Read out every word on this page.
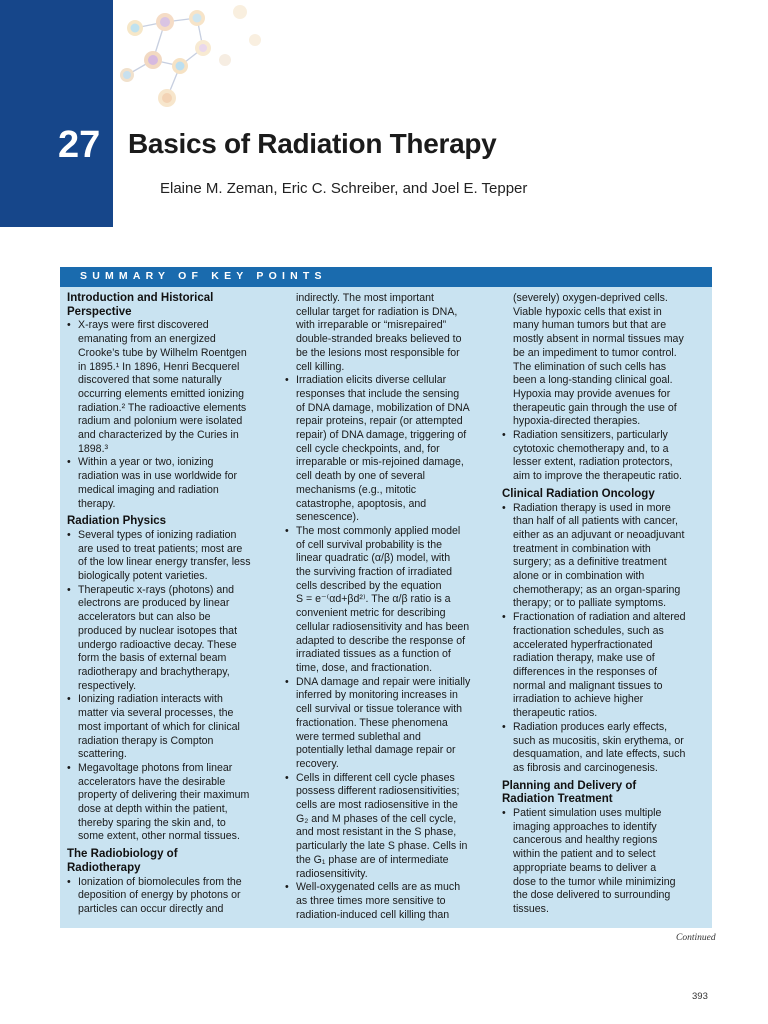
27 Basics of Radiation Therapy
Elaine M. Zeman, Eric C. Schreiber, and Joel E. Tepper
SUMMARY OF KEY POINTS
Introduction and Historical
Perspective
• X-rays were first discovered
emanating from an energized
Crooke’s tube by Wilhelm Roentgen
in 1895.¹ In 1896, Henri Becquerel
discovered that some naturally
occurring elements emitted ionizing
radiation.² The radioactive elements
radium and polonium were isolated
and characterized by the Curies in
1898.³
• Within a year or two, ionizing
radiation was in use worldwide for
medical imaging and radiation
therapy.
Radiation Physics
• Several types of ionizing radiation
are used to treat patients; most are
of the low linear energy transfer, less
biologically potent varieties.
• Therapeutic x-rays (photons) and
electrons are produced by linear
accelerators but can also be
produced by nuclear isotopes that
undergo radioactive decay. These
form the basis of external beam
radiotherapy and brachytherapy,
respectively.
• Ionizing radiation interacts with
matter via several processes, the
most important of which for clinical
radiation therapy is Compton
scattering.
• Megavoltage photons from linear
accelerators have the desirable
property of delivering their maximum
dose at depth within the patient,
thereby sparing the skin and, to
some extent, other normal tissues.
The Radiobiology of
Radiotherapy
• Ionization of biomolecules from the
deposition of energy by photons or
particles can occur directly and
indirectly. The most important
cellular target for radiation is DNA,
with irreparable or “misrepaired”
double-stranded breaks believed to
be the lesions most responsible for
cell killing.
• Irradiation elicits diverse cellular
responses that include the sensing
of DNA damage, mobilization of DNA
repair proteins, repair (or attempted
repair) of DNA damage, triggering of
cell cycle checkpoints, and, for
irreparable or mis-rejoined damage,
cell death by one of several
mechanisms (e.g., mitotic
catastrophe, apoptosis, and
senescence).
• The most commonly applied model
of cell survival probability is the
linear quadratic (α/β) model, with
the surviving fraction of irradiated
cells described by the equation
S = e⁻⁽αd+βd²⁾. The α/β ratio is a
convenient metric for describing
cellular radiosensitivity and has been
adapted to describe the response of
irradiated tissues as a function of
time, dose, and fractionation.
• DNA damage and repair were initially
inferred by monitoring increases in
cell survival or tissue tolerance with
fractionation. These phenomena
were termed sublethal and
potentially lethal damage repair or
recovery.
• Cells in different cell cycle phases
possess different radiosensitivities;
cells are most radiosensitive in the
G₂ and M phases of the cell cycle,
and most resistant in the S phase,
particularly the late S phase. Cells in
the G₁ phase are of intermediate
radiosensitivity.
• Well-oxygenated cells are as much
as three times more sensitive to
radiation-induced cell killing than
(severely) oxygen-deprived cells.
Viable hypoxic cells that exist in
many human tumors but that are
mostly absent in normal tissues may
be an impediment to tumor control.
The elimination of such cells has
been a long-standing clinical goal.
Hypoxia may provide avenues for
therapeutic gain through the use of
hypoxia-directed therapies.
• Radiation sensitizers, particularly
cytotoxic chemotherapy and, to a
lesser extent, radiation protectors,
aim to improve the therapeutic ratio.
Clinical Radiation Oncology
• Radiation therapy is used in more
than half of all patients with cancer,
either as an adjuvant or neoadjuvant
treatment in combination with
surgery; as a definitive treatment
alone or in combination with
chemotherapy; as an organ-sparing
therapy; or to palliate symptoms.
• Fractionation of radiation and altered
fractionation schedules, such as
accelerated hyperfractionated
radiation therapy, make use of
differences in the responses of
normal and malignant tissues to
irradiation to achieve higher
therapeutic ratios.
• Radiation produces early effects,
such as mucositis, skin erythema, or
desquamation, and late effects, such
as fibrosis and carcinogenesis.
Planning and Delivery of
Radiation Treatment
• Patient simulation uses multiple
imaging approaches to identify
cancerous and healthy regions
within the patient and to select
appropriate beams to deliver a
dose to the tumor while minimizing
the dose delivered to surrounding
tissues.
Continued
393
